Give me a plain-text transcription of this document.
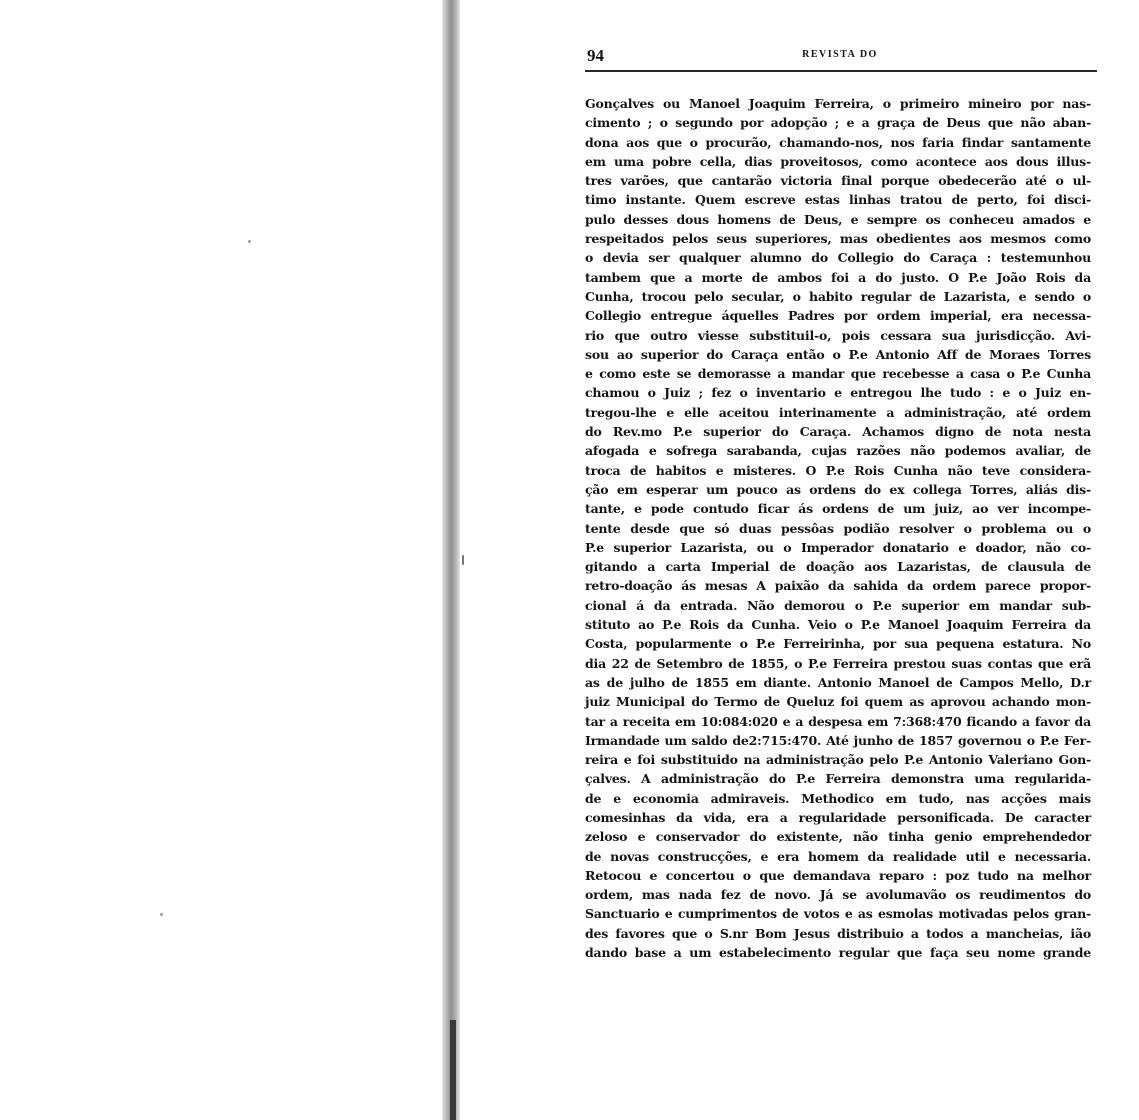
94	REVISTA DO
Gonçalves ou Manoel Joaquim Ferreira, o primeiro mineiro por nas-
cimento ; o segundo por adopção ; e a graça de Deus que não aban-
dona aos que o procurão, chamando-nos, nos faria findar santamente
em uma pobre cella, dias proveitosos, como acontece aos dous illus-
tres varões, que cantarão victoria final porque obedecerão até o ul-
timo instante. Quem escreve estas linhas tratou de perto, foi disci-
pulo desses dous homens de Deus, e sempre os conheceu amados e
respeitados pelos seus superiores, mas obedientes aos mesmos como
o devia ser qualquer alumno do Collegio do Caraça : testemunhou
tambem que a morte de ambos foi a do justo. O P.e João Rois da
Cunha, trocou pelo secular, o habito regular de Lazarista, e sendo o
Collegio entregue áquelles Padres por ordem imperial, era necessa-
rio que outro viesse substituil-o, pois cessara sua jurisdicção. Avi-
sou ao superior do Caraça então o P.e Antonio Aff de Moraes Torres
e como este se demorasse a mandar que recebesse a casa o P.e Cunha
chamou o Juiz ; fez o inventario e entregou lhe tudo : e o Juiz en-
tregou-lhe e elle aceitou interinamente a administração, até ordem
do Rev.mo P.e superior do Caraça. Achamos digno de nota nesta
afogada e sofrega sarabanda, cujas razões não podemos avaliar, de
troca de habitos e misteres. O P.e Rois Cunha não teve considera-
ção em esperar um pouco as ordens do ex collega Torres, aliás dis-
tante, e pode contudo ficar ás ordens de um juiz, ao ver incompe-
tente desde que só duas pessôas podião resolver o problema ou o
P.e superior Lazarista, ou o Imperador donatario e doador, não co-
gitando a carta Imperial de doação aos Lazaristas, de clausula de
retro-doação ás mesas A paixão da sahida da ordem parece propor-
cional á da entrada. Não demorou o P.e superior em mandar sub-
stituto ao P.e Rois da Cunha. Veio o P.e Manoel Joaquim Ferreira da
Costa, popularmente o P.e Ferreirinha, por sua pequena estatura. No
dia 22 de Setembro de 1855, o P.e Ferreira prestou suas contas que erã
as de julho de 1855 em diante. Antonio Manoel de Campos Mello, D.r
juiz Municipal do Termo de Queluz foi quem as aprovou achando mon-
tar a receita em 10:084:020 e a despesa em 7:368:470 ficando a favor da
Irmandade um saldo de2:715:470. Até junho de 1857 governou o P.e Fer-
reira e foi substituido na administração pelo P.e Antonio Valeriano Gon-
çalves. A administração do P.e Ferreira demonstra uma regularida-
de e economia admiraveis. Methodico em tudo, nas acções mais
comesinhas da vida, era a regularidade personificada. De caracter
zeloso e conservador do existente, não tinha genio emprehendedor
de novas construcções, e era homem da realidade util e necessaria.
Retocou e concertou o que demandava reparo : poz tudo na melhor
ordem, mas nada fez de novo. Já se avolumavão os reudimentos do
Sanctuario e cumprimentos de votos e as esmolas motivadas pelos gran-
des favores que o S.nr Bom Jesus distribuio a todos a mancheias, ião
dando base a um estabelecimento regular que faça seu nome grande
